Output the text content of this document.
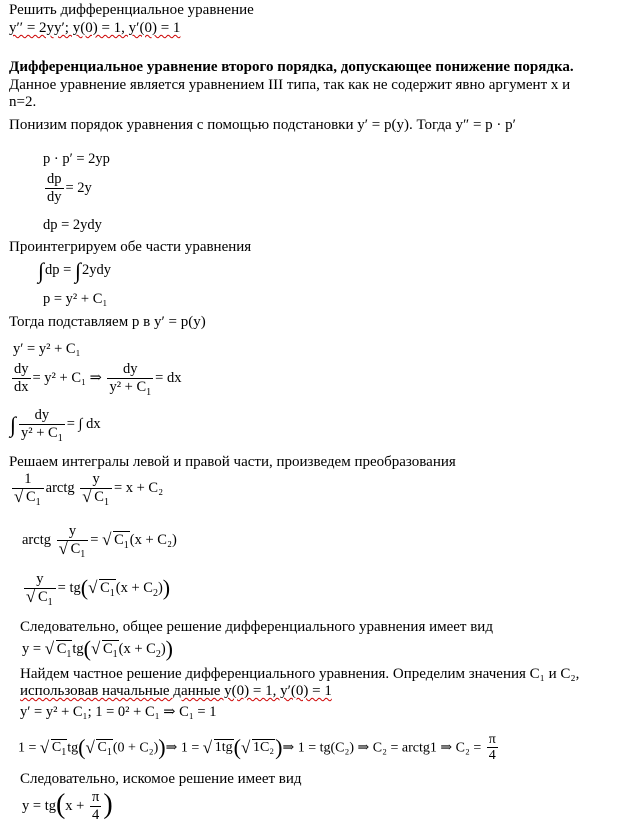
Решить дифференциальное уравнение
y′′ = 2yy′; y(0) = 1, y′(0) = 1
Дифференциальное уравнение второго порядка, допускающее понижение порядка.
Данное уравнение является уравнением III типа, так как не содержит явно аргумент x и
n=2.
Понизим порядок уравнения с помощью подстановки y′ = p(y). Тогда y″ = p · p′
p · p′ = 2yp
$\frac{dp}{dy} = 2y$
dp = 2ydy
Проинтегрируем обе части уравнения
∫dp = ∫2ydy
p = y² + C₁
Тогда подставляем p в y′ = p(y)
y′ = y² + C₁
$\frac{dy}{dx} = y^2 + C_1$ ⇒ $\frac{dy}{y^2 + C_1}$ = dx
∫ $\frac{dy}{y^2 + C_1}$ = ∫ dx
Решаем интегралы левой и правой части, произведем преобразования
1
√ $C_1$ arctg y
√ $C_1 = x + C_2$
arctg y
√ $C_1$ = √ $C_1(x + C_2)$
y
√ $C_1 = tg(√$ $C_1(x + C_2)$)
Следовательно, общее решение дифференциального уравнения имеет вид
y = √ $C_1tg(√$ $C_1(x + C_2)$)
Найдем частное решение дифференциального уравнения. Определим значения C₁ и C₂,
использовав начальные данные y(0) = 1, y′(0) = 1
y′ = y² + C₁; 1 = 0² + C₁ ⇒ C₁ = 1
1 = √ $C_1tg(√$ $C_1(0$ + C₂))⇒ 1 = √ 1tg(√ 1C₂)⇒ 1 = tg(C₂) ⇒ C₂ = arctg1 ⇒ $C_2 = \frac{\pi}{4}$
Следовательно, искомое решение имеет вид
$y = tg(x + \frac{\pi}{4}$ )
